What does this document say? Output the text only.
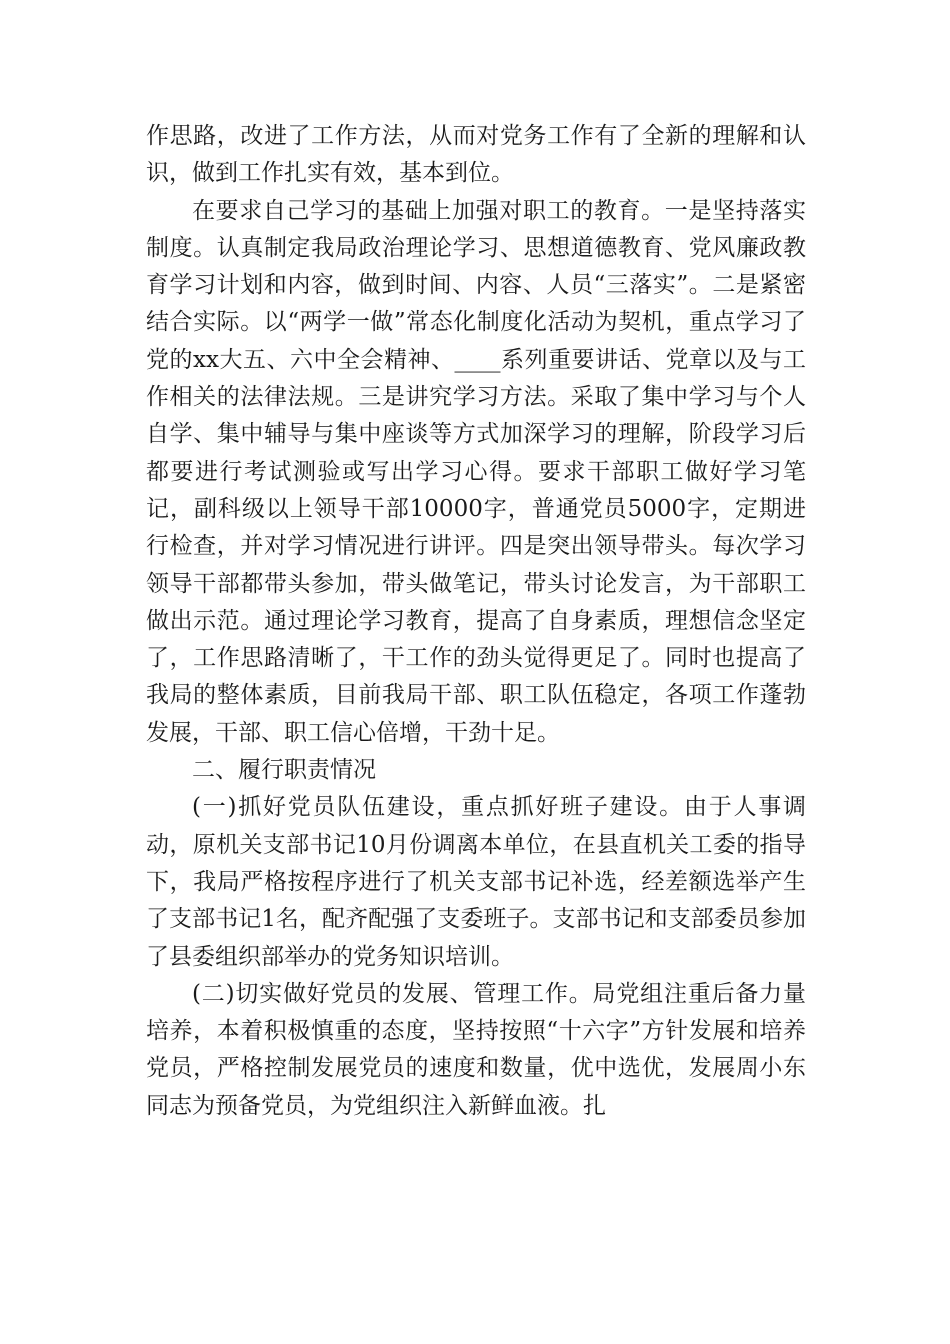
作思路，改进了工作方法，从而对党务工作有了全新的理解和认识，做到工作扎实有效，基本到位。

在要求自己学习的基础上加强对职工的教育。一是坚持落实制度。认真制定我局政治理论学习、思想道德教育、党风廉政教育学习计划和内容，做到时间、内容、人员“三落实”。二是紧密结合实际。以“两学一做”常态化制度化活动为契机，重点学习了党的xx大五、六中全会精神、____系列重要讲话、党章以及与工作相关的法律法规。三是讲究学习方法。采取了集中学习与个人自学、集中辅导与集中座谈等方式加深学习的理解，阶段学习后都要进行考试测验或写出学习心得。要求干部职工做好学习笔记，副科级以上领导干部10000字，普通党员5000字，定期进行检查，并对学习情况进行讲评。四是突出领导带头。每次学习领导干部都带头参加，带头做笔记，带头讨论发言，为干部职工做出示范。通过理论学习教育，提高了自身素质，理想信念坚定了，工作思路清晰了，干工作的劲头觉得更足了。同时也提高了我局的整体素质，目前我局干部、职工队伍稳定，各项工作蓬勃发展，干部、职工信心倍增，干劲十足。

二、履行职责情况

(一)抓好党员队伍建设，重点抓好班子建设。由于人事调动，原机关支部书记10月份调离本单位，在县直机关工委的指导下，我局严格按程序进行了机关支部书记补选，经差额选举产生了支部书记1名，配齐配强了支委班子。支部书记和支部委员参加了县委组织部举办的党务知识培训。

(二)切实做好党员的发展、管理工作。局党组注重后备力量培养，本着积极慎重的态度，坚持按照“十六字”方针发展和培养党员，严格控制发展党员的速度和数量，优中选优，发展周小东同志为预备党员，为党组织注入新鲜血液。扎
